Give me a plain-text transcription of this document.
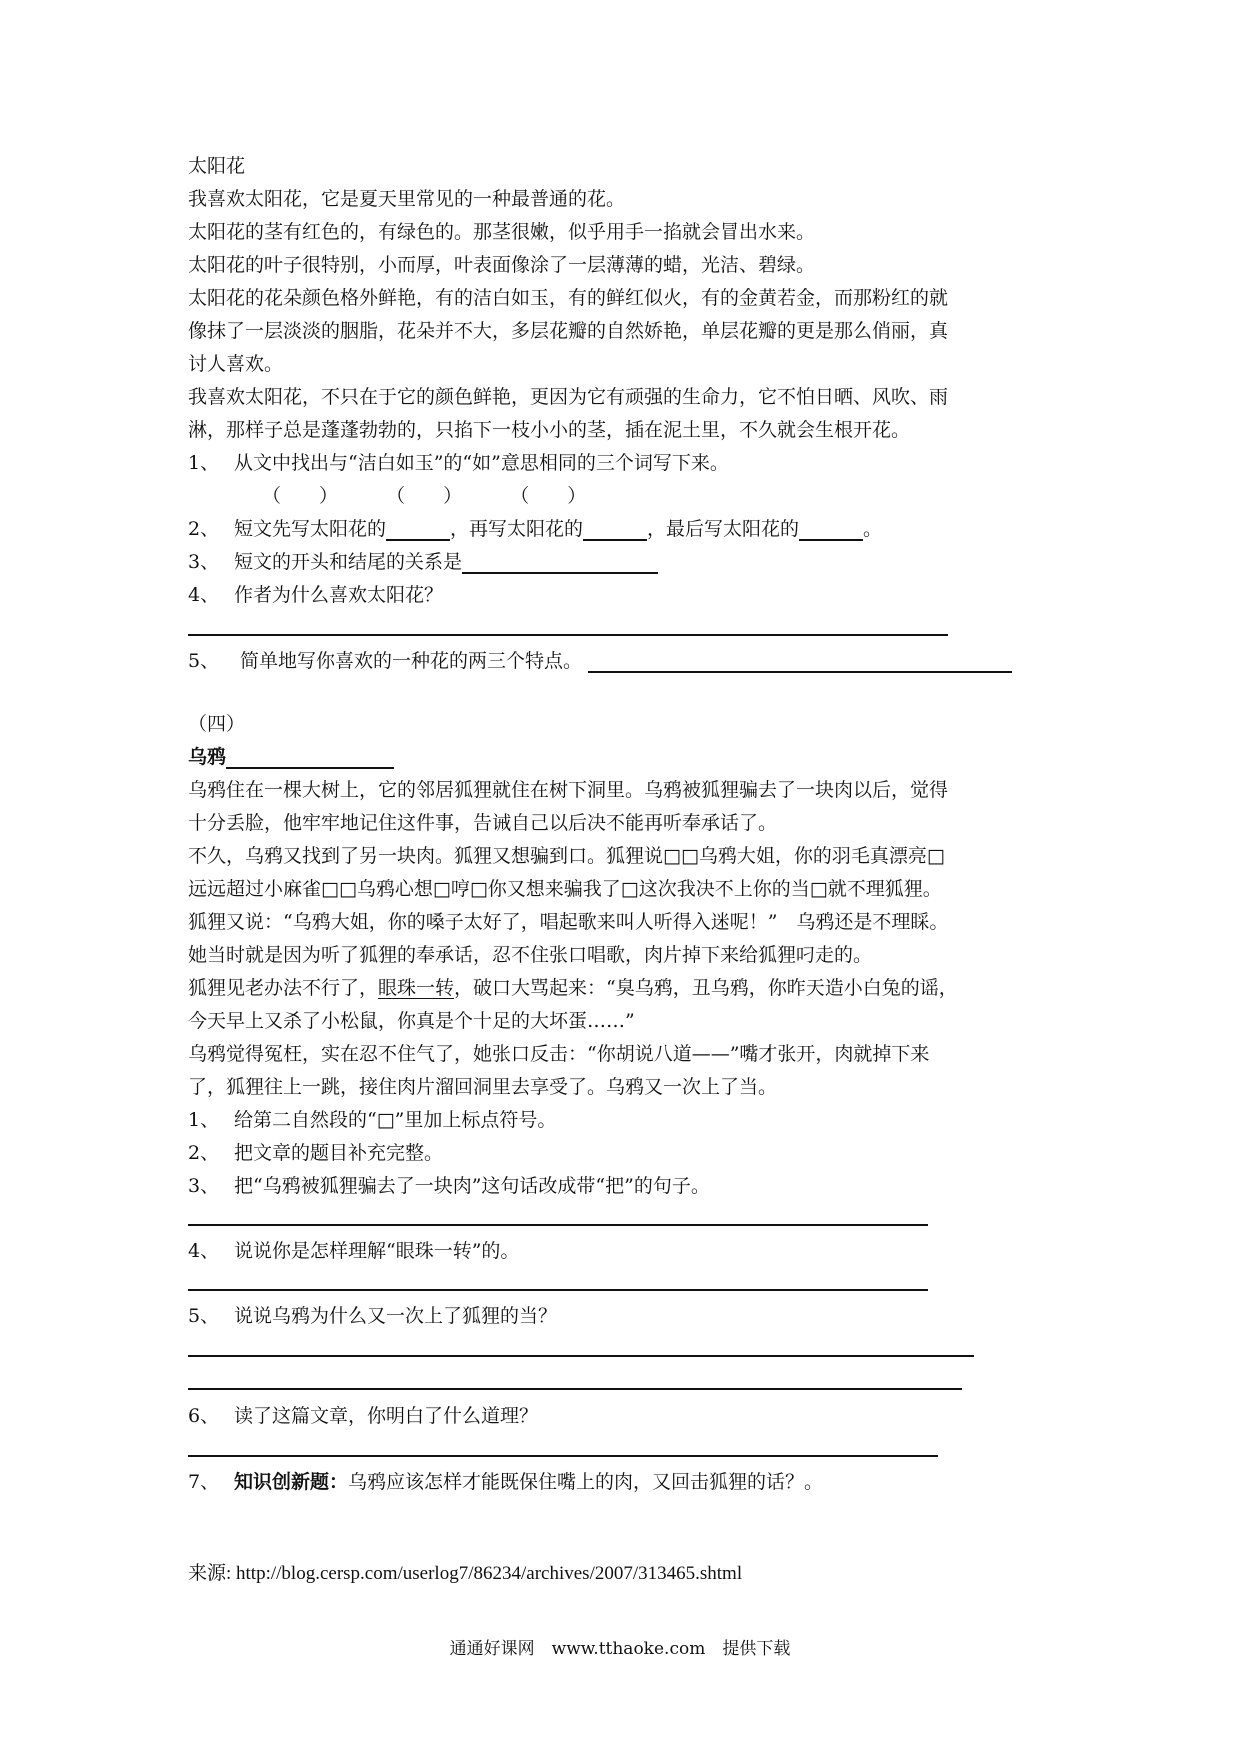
太阳花
我喜欢太阳花，它是夏天里常见的一种最普通的花。
太阳花的茎有红色的，有绿色的。那茎很嫩，似乎用手一掐就会冒出水来。
太阳花的叶子很特别，小而厚，叶表面像涂了一层薄薄的蜡，光洁、碧绿。
太阳花的花朵颜色格外鲜艳，有的洁白如玉，有的鲜红似火，有的金黄若金，而那粉红的就
像抹了一层淡淡的胭脂，花朵并不大，多层花瓣的自然娇艳，单层花瓣的更是那么俏丽，真
讨人喜欢。
我喜欢太阳花，不只在于它的颜色鲜艳，更因为它有顽强的生命力，它不怕日晒、风吹、雨
淋，那样子总是蓬蓬勃勃的，只掐下一枝小小的茎，插在泥土里，不久就会生根开花。
1、 从文中找出与“洁白如玉”的“如”意思相同的三个词写下来。
（　　）	（　　）	（　　）
2、 短文先写太阳花的	，再写太阳花的	，最后写太阳花的	。
3、 短文的开头和结尾的关系是
4、 作者为什么喜欢太阳花？
5、 简单地写你喜欢的一种花的两三个特点。
（四）
乌鸦
乌鸦住在一棵大树上，它的邻居狐狸就住在树下洞里。乌鸦被狐狸骗去了一块肉以后，觉得
十分丢脸，他牢牢地记住这件事，告诫自己以后决不能再听奉承话了。
不久，乌鸦又找到了另一块肉。狐狸又想骗到口。狐狸说□□乌鸦大姐，你的羽毛真漂亮□
远远超过小麻雀□□乌鸦心想□哼□你又想来骗我了□这次我决不上你的当□就不理狐狸。
狐狸又说：“乌鸦大姐，你的嗓子太好了，唱起歌来叫人听得入迷呢！”　乌鸦还是不理睬。
她当时就是因为听了狐狸的奉承话，忍不住张口唱歌，肉片掉下来给狐狸叼走的。
狐狸见老办法不行了，眼珠一转，破口大骂起来：“臭乌鸦，丑乌鸦，你昨天造小白兔的谣，
今天早上又杀了小松鼠，你真是个十足的大坏蛋……”
乌鸦觉得冤枉，实在忍不住气了，她张口反击：“你胡说八道——”嘴才张开，肉就掉下来
了，狐狸往上一跳，接住肉片溜回洞里去享受了。乌鸦又一次上了当。
1、 给第二自然段的“□”里加上标点符号。
2、 把文章的题目补充完整。
3、 把“乌鸦被狐狸骗去了一块肉”这句话改成带“把”的句子。
4、 说说你是怎样理解“眼珠一转”的。
5、 说说乌鸦为什么又一次上了狐狸的当？
6、 读了这篇文章，你明白了什么道理？
7、 知识创新题：乌鸦应该怎样才能既保住嘴上的肉，又回击狐狸的话？。
来源: http://blog.cersp.com/userlog7/86234/archives/2007/313465.shtml
通通好课网　www.tthaoke.com　提供下载
